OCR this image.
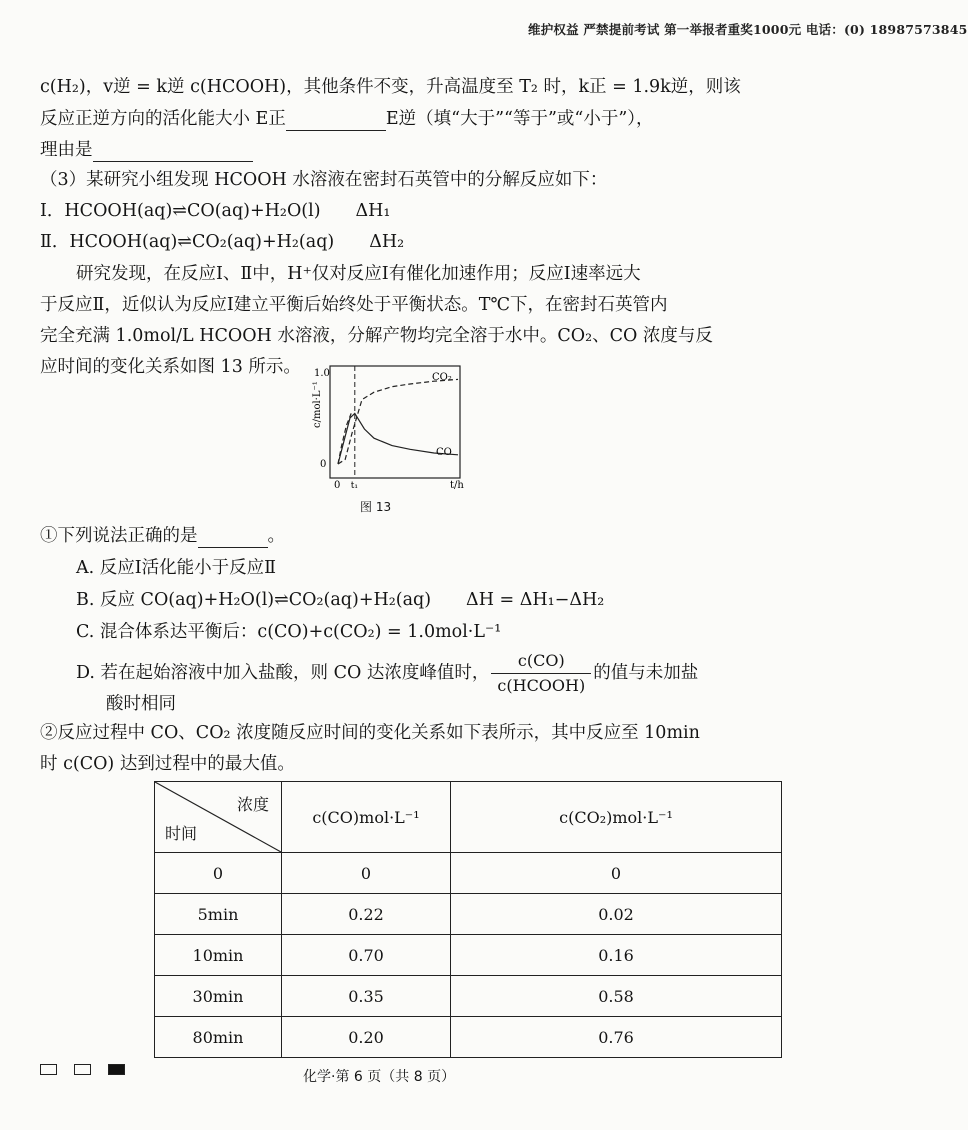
维护权益 严禁提前考试 第一举报者重奖1000元 电话：(0) 18987573845
c(H₂)，v逆 = k逆 c(HCOOH)，其他条件不变，升高温度至 T₂ 时，k正 = 1.9k逆，则该
反应正逆方向的活化能大小 E正	E逆（填“大于”“等于”或“小于”），
理由是
（3）某研究小组发现 HCOOH 水溶液在密封石英管中的分解反应如下：
Ⅰ．HCOOH(aq)⇌CO(aq)+H₂O(l)　　ΔH₁
Ⅱ．HCOOH(aq)⇌CO₂(aq)+H₂(aq)　　ΔH₂
研究发现，在反应Ⅰ、Ⅱ中，H⁺仅对反应Ⅰ有催化加速作用；反应Ⅰ速率远大
于反应Ⅱ，近似认为反应Ⅰ建立平衡后始终处于平衡状态。T℃下，在密封石英管内
完全充满 1.0mol/L HCOOH 水溶液，分解产物均完全溶于水中。CO₂、CO 浓度与反
应时间的变化关系如图 13 所示。
c/mol·L⁻¹
1.0
0
0 t₁	t/h
CO₂
CO
图 13
①下列说法正确的是	。
A. 反应Ⅰ活化能小于反应Ⅱ
B. 反应 CO(aq)+H₂O(l)⇌CO₂(aq)+H₂(aq)　　ΔH = ΔH₁−ΔH₂
C. 混合体系达平衡后：c(CO)+c(CO₂) = 1.0mol·L⁻¹
D. 若在起始溶液中加入盐酸，则 CO 达浓度峰值时， $\frac{c(CO)}{\text{c(HCOOH)}}$ 的值与未加盐
酸时相同
②反应过程中 CO、CO₂ 浓度随反应时间的变化关系如下表所示，其中反应至 10min
时 c(CO) 达到过程中的最大值。
浓度
时间	c(CO)mol·L⁻¹	c(CO₂)mol·L⁻¹
0	0	0
5min	0.22	0.02
10min	0.70	0.16
30min	0.35	0.58
80min	0.20	0.76
化学·第 6 页（共 8 页）
